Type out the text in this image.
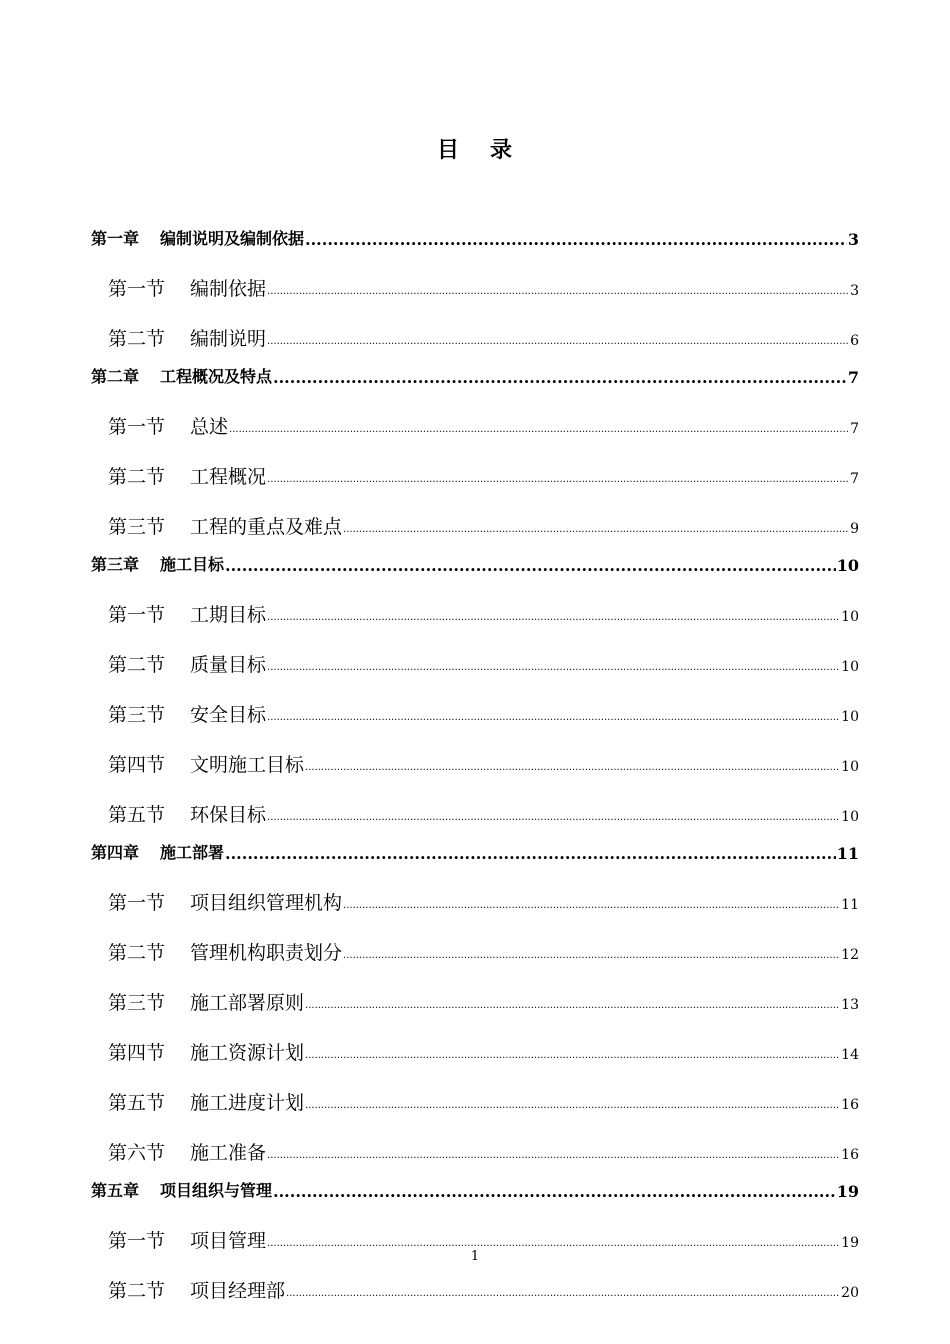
目 录
第一章 编制说明及编制依据 .....	3
第一节 编制依据 .....	3
第二节 编制说明 .....	6
第二章 工程概况及特点 .....	7
第一节 总述 .....	7
第二节 工程概况 .....	7
第三节 工程的重点及难点 .....	9
第三章 施工目标 .....	10
第一节 工期目标 .....	10
第二节 质量目标 .....	10
第三节 安全目标 .....	10
第四节 文明施工目标 .....	10
第五节 环保目标 .....	10
第四章 施工部署 .....	11
第一节 项目组织管理机构 .....	11
第二节 管理机构职责划分 .....	12
第三节 施工部署原则 .....	13
第四节 施工资源计划 .....	14
第五节 施工进度计划 .....	16
第六节 施工准备 .....	16
第五章 项目组织与管理 .....	19
第一节 项目管理 .....	19
第二节 项目经理部 .....	20
1
